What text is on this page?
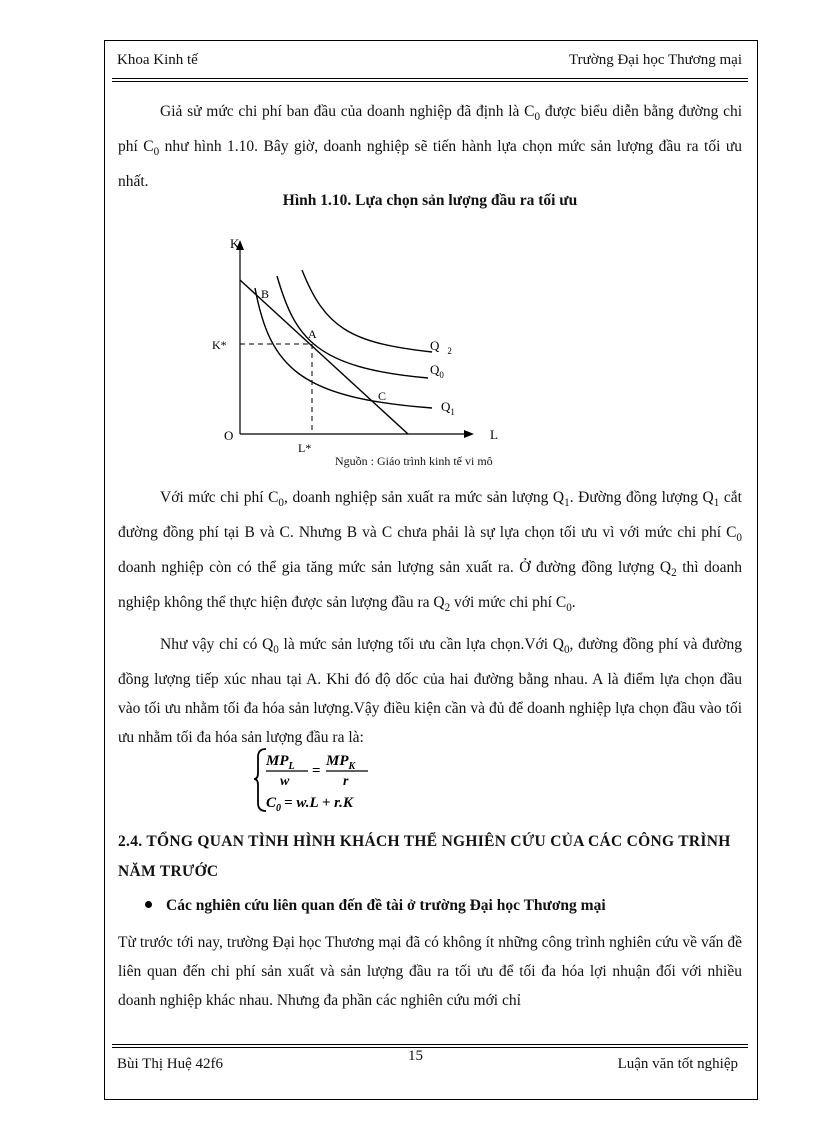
Khoa Kinh tế	Trường Đại học Thương mại

Giả sử mức chi phí ban đầu của doanh nghiệp đã định là $C_0$ được biểu diễn bằng đường chi phí $C_0$ như hình 1.10. Bây giờ, doanh nghiệp sẽ tiến hành lựa chọn mức sản lượng đầu ra tối ưu nhất.

Hình 1.10. Lựa chọn sản lượng đầu ra tối ưu
K
L
O
K*
L*
B
A
C
Q $_2$
$Q_0$
$Q_1$
Nguồn : Giáo trình kinh tế vi mô

Với mức chi phí $C_0$, doanh nghiệp sản xuất ra mức sản lượng $Q_1$. Đường đồng lượng $Q_1$ cắt đường đồng phí tại B và C. Nhưng B và C chưa phải là sự lựa chọn tối ưu vì với mức chi phí $C_0$ doanh nghiệp còn có thể gia tăng mức sản lượng sản xuất ra. Ở đường đồng lượng $Q_2$ thì doanh nghiệp không thể thực hiện được sản lượng đầu ra $Q_2$ với mức chi phí $C_0$.

Như vậy chỉ có $Q_0$ là mức sản lượng tối ưu cần lựa chọn.Với $Q_0$, đường đồng phí và đường đồng lượng tiếp xúc nhau tại A. Khi đó độ dốc của hai đường bằng nhau. A là điểm lựa chọn đầu vào tối ưu nhằm tối đa hóa sản lượng.Vậy điều kiện cần và đủ để doanh nghiệp lựa chọn đầu vào tối ưu nhằm tối đa hóa sản lượng đầu ra là:

$MP_L$
w
=
$MP_K$
r
$C_0 = w.L + r.K$
2.4. TỔNG QUAN TÌNH HÌNH KHÁCH THỂ NGHIÊN CỨU CỦA CÁC CÔNG TRÌNH NĂM TRƯỚC
Các nghiên cứu liên quan đến đề tài ở trường Đại học Thương mại

Từ trước tới nay, trường Đại học Thương mại đã có không ít những công trình nghiên cứu về vấn đề liên quan đến chi phí sản xuất và sản lượng đầu ra tối ưu để tối đa hóa lợi nhuận đối với nhiều doanh nghiệp khác nhau. Nhưng đa phần các nghiên cứu mới chỉ

Bùi Thị Huệ 42f6	15	Luận văn tốt nghiệp
